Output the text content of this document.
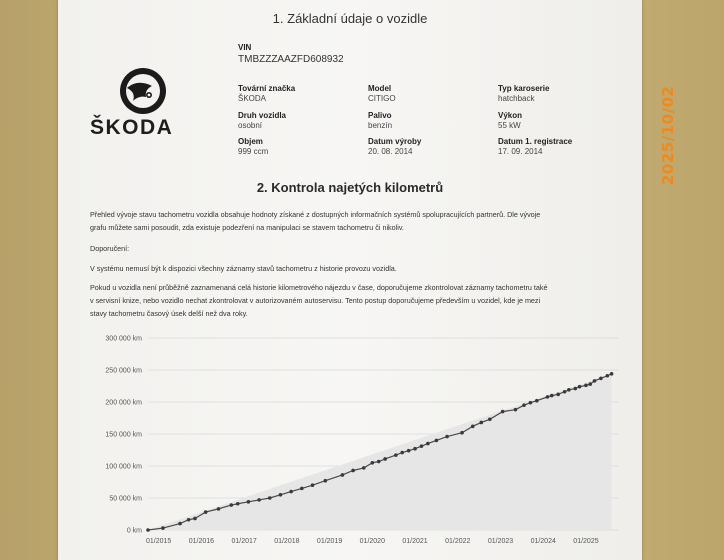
1. Základní údaje o vozidle
ŠKODA
VIN
TMBZZZAAZFD608932
Tovární značka
ŠKODA
Model
CITIGO
Typ karoserie
hatchback
Druh vozidla
osobní
Palivo
benzín
Výkon
55 kW
Objem
999 ccm
Datum výroby
20. 08. 2014
Datum 1. registrace
17. 09. 2014
2. Kontrola najetých kilometrů
Přehled vývoje stavu tachometru vozidla obsahuje hodnoty získané z dostupných informačních systémů spolupracujících partnerů. Dle vývoje
grafu můžete sami posoudit, zda existuje podezření na manipulaci se stavem tachometru či nikoliv.
Doporučení:
V systému nemusí být k dispozici všechny záznamy stavů tachometru z historie provozu vozidla.
Pokud u vozidla není průběžně zaznamenaná celá historie kilometrového nájezdu v čase, doporučujeme zkontrolovat záznamy tachometru také
v servisní knize, nebo vozidlo nechat zkontrolovat v autorizovaném autoservisu. Tento postup doporučujeme především u vozidel, kde je mezi
stavy tachometru časový úsek delší než dva roky.
0 km
50 000 km
100 000 km
150 000 km
200 000 km
250 000 km
300 000 km
01/2015 01/2016 01/2017 01/2018 01/2019 01/2020 01/2021 01/2022 01/2023 01/2024 01/2025
2025/10/02
